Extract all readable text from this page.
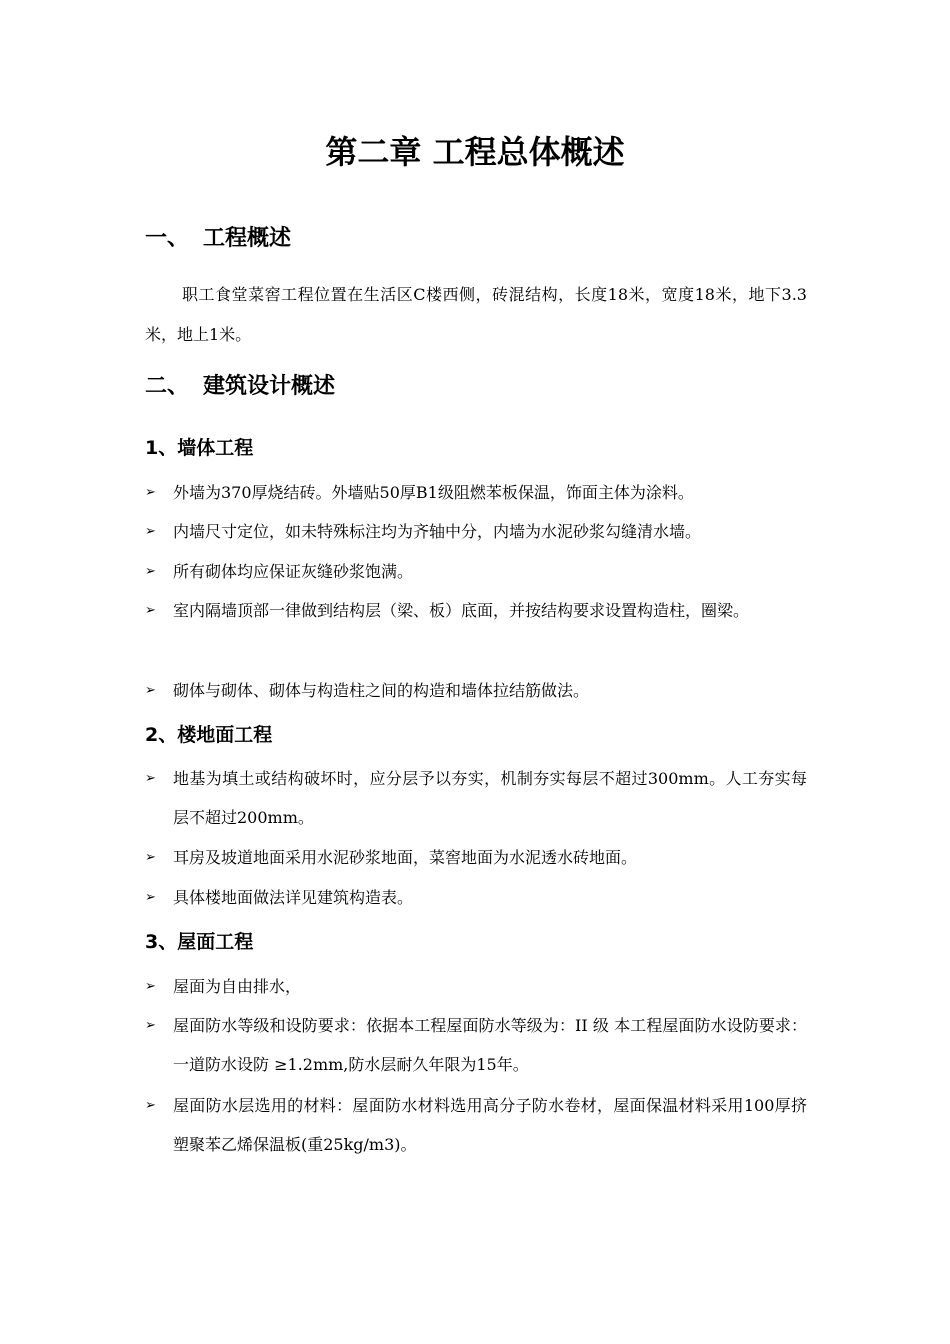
第二章 工程总体概述
一、 工程概述
职工食堂菜窖工程位置在生活区C楼西侧，砖混结构，长度18米，宽度18米，地下3.3米，地上1米。
二、 建筑设计概述
1、墙体工程
➢	外墙为370厚烧结砖。外墙贴50厚B1级阻燃苯板保温，饰面主体为涂料。
➢	内墙尺寸定位，如未特殊标注均为齐轴中分，内墙为水泥砂浆勾缝清水墙。
➢	所有砌体均应保证灰缝砂浆饱满。
➢	室内隔墙顶部一律做到结构层（梁、板）底面，并按结构要求设置构造柱，圈梁。
➢	砌体与砌体、砌体与构造柱之间的构造和墙体拉结筋做法。
2、楼地面工程
➢	地基为填土或结构破坏时，应分层予以夯实，机制夯实每层不超过300mm。人工夯实每层不超过200mm。
➢	耳房及坡道地面采用水泥砂浆地面，菜窖地面为水泥透水砖地面。
➢	具体楼地面做法详见建筑构造表。
3、屋面工程
➢	屋面为自由排水，
➢	屋面防水等级和设防要求：依据本工程屋面防水等级为：II 级 本工程屋面防水设防要求：一道防水设防 ≥1.2mm,防水层耐久年限为15年。
➢	屋面防水层选用的材料：屋面防水材料选用高分子防水卷材，屋面保温材料采用100厚挤塑聚苯乙烯保温板(重25kg/m3)。
